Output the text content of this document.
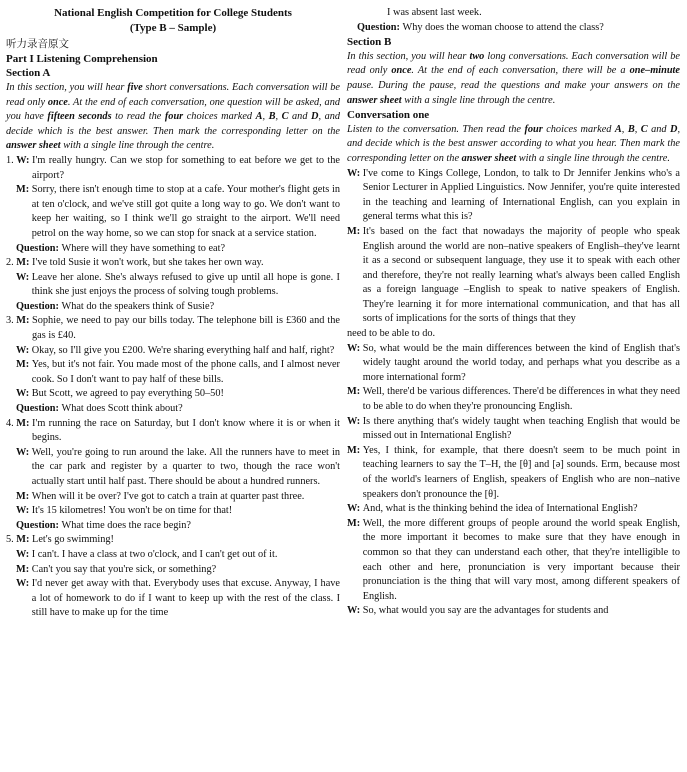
National English Competition for College Students
(Type B – Sample)
听力录音原文
Part I Listening Comprehension
Section A
In this section, you will hear five short conversations. Each conversation will be read only once. At the end of each conversation, one question will be asked, and you have fifteen seconds to read the four choices marked A, B, C and D, and decide which is the best answer. Then mark the corresponding letter on the answer sheet with a single line through the centre.
1. W: I'm really hungry. Can we stop for something to eat before we get to the airport?
M: Sorry, there isn't enough time to stop at a cafe. Your mother's flight gets in at ten o'clock, and we've still got quite a long way to go. We don't want to keep her waiting, so I think we'll go straight to the airport. We'll need petrol on the way home, so we can stop for snack at a service station.
Question: Where will they have something to eat?
2. M: I've told Susie it won't work, but she takes her own way.
W: Leave her alone. She's always refused to give up until all hope is gone. I think she just enjoys the process of solving tough problems.
Question: What do the speakers think of Susie?
3. M: Sophie, we need to pay our bills today. The telephone bill is £360 and the gas is £40.
W: Okay, so I'll give you £200. We're sharing everything half and half, right?
M: Yes, but it's not fair. You made most of the phone calls, and I almost never cook. So I don't want to pay half of these bills.
W: But Scott, we agreed to pay everything 50–50!
Question: What does Scott think about?
4. M: I'm running the race on Saturday, but I don't know where it is or when it begins.
W: Well, you're going to run around the lake. All the runners have to meet in the car park and register by a quarter to two, though the race won't actually start until half past. There should be about a hundred runners.
M: When will it be over? I've got to catch a train at quarter past three.
W: It's 15 kilometres! You won't be on time for that!
Question: What time does the race begin?
5. M: Let's go swimming!
W: I can't. I have a class at two o'clock, and I can't get out of it.
M: Can't you say that you're sick, or something?
W: I'd never get away with that. Everybody uses that excuse. Anyway, I have a lot of homework to do if I want to keep up with the rest of the class. I still have to make up for the time
I was absent last week.
Question: Why does the woman choose to attend the class?
Section B
In this section, you will hear two long conversations. Each conversation will be read only once. At the end of each conversation, there will be a one–minute pause. During the pause, read the questions and make your answers on the answer sheet with a single line through the centre.
Conversation one
Listen to the conversation. Then read the four choices marked A, B, C and D, and decide which is the best answer according to what you hear. Then mark the corresponding letter on the answer sheet with a single line through the centre.
W: I've come to Kings College, London, to talk to Dr Jennifer Jenkins who's a Senior Lecturer in Applied Linguistics. Now Jennifer, you're quite interested in the teaching and learning of International English, can you explain in general terms what this is?
M: It's based on the fact that nowadays the majority of people who speak English around the world are non–native speakers of English–they've learnt it as a second or subsequent language, they use it to speak with each other and therefore, they're not really learning what's always been called English as a foreign language –English to speak to native speakers of English. They're learning it for more international communication, and that has all sorts of implications for the sorts of things that they
need to be able to do.
W: So, what would be the main differences between the kind of English that's widely taught around the world today, and perhaps what you describe as a more international form?
M: Well, there'd be various differences. There'd be differences in what they need to be able to do when they're pronouncing English.
W: Is there anything that's widely taught when teaching English that would be missed out in International English?
M: Yes, I think, for example, that there doesn't seem to be much point in teaching learners to say the T–H, the [θ] and [ə] sounds. Erm, because most of the world's learners of English, speakers of English who are non–native speakers don't pronounce the [θ].
W: And, what is the thinking behind the idea of International English?
M: Well, the more different groups of people around the world speak English, the more important it becomes to make sure that they have enough in common so that they can understand each other, that they're intelligible to each other and here, pronunciation is very important because their pronunciation is the thing that will vary most, among different speakers of English.
W: So, what would you say are the advantages for students and
